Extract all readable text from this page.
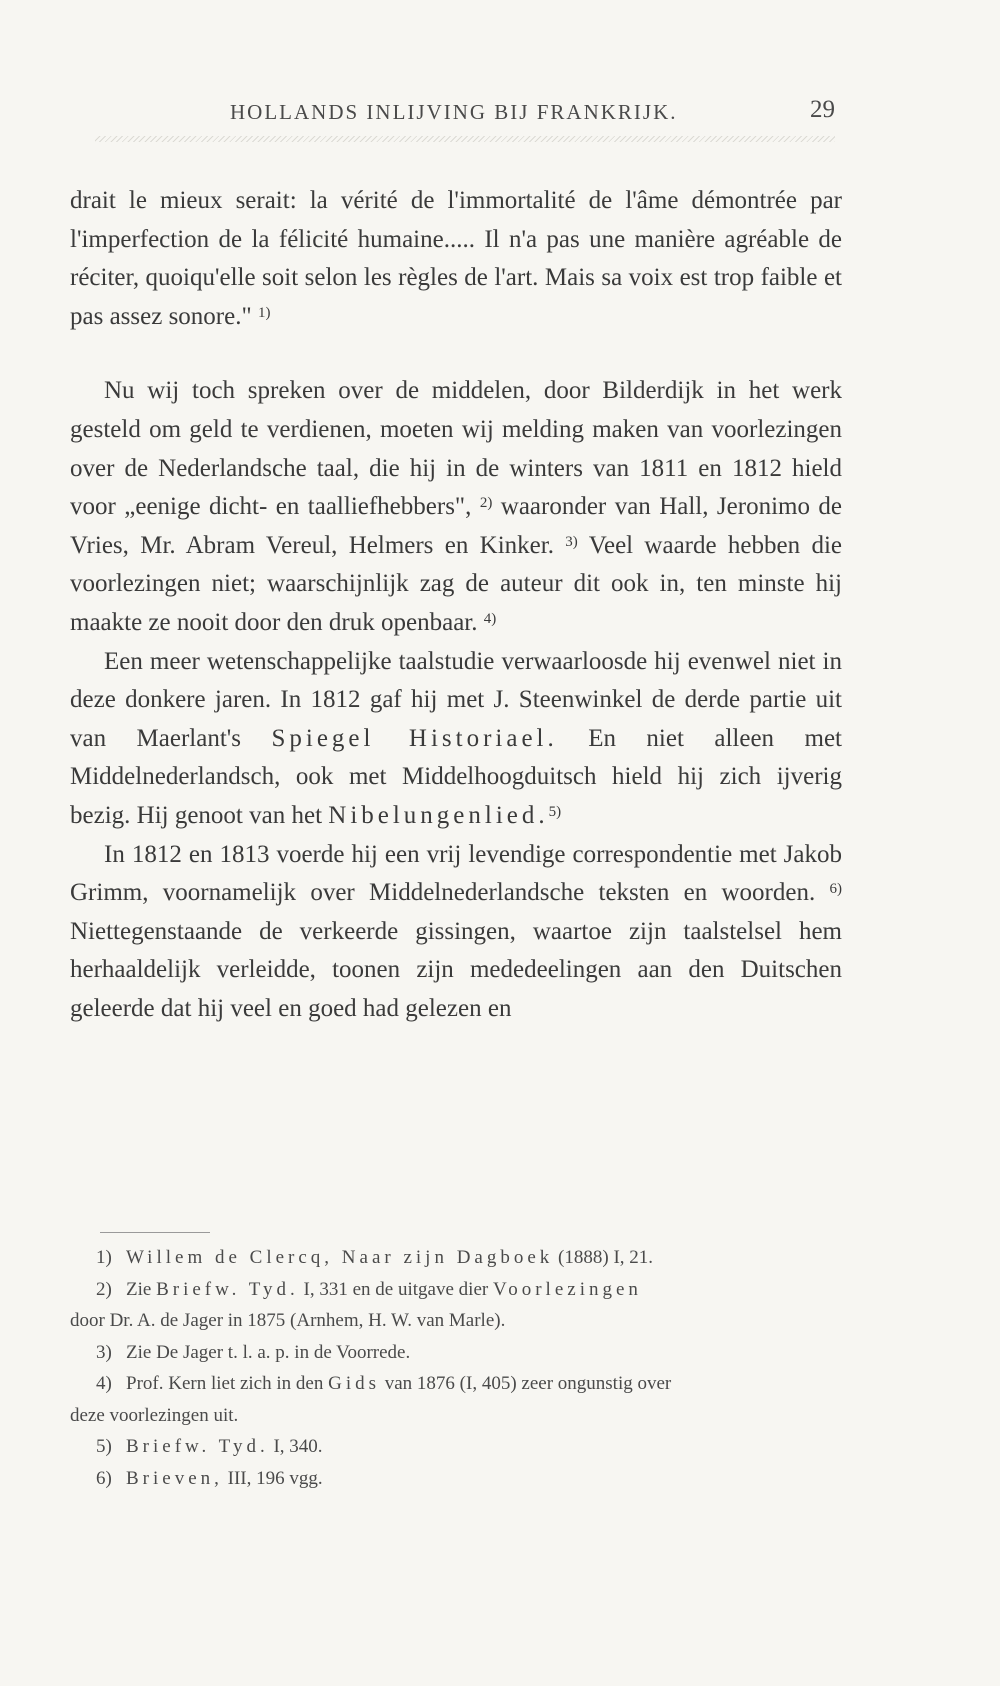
HOLLANDS INLIJVING BIJ FRANKRIJK.	29

drait le mieux serait: la vérité de l'immortalité de l'âme démontrée par l'imperfection de la félicité humaine..... Il n'a pas une manière agréable de réciter, quoiqu'elle soit selon les règles de l'art. Mais sa voix est trop faible et pas assez sonore." $^{1)}$

Nu wij toch spreken over de middelen, door Bilderdijk in het werk gesteld om geld te verdienen, moeten wij melding maken van voorlezingen over de Nederlandsche taal, die hij in de winters van 1811 en 1812 hield voor „eenige dicht- en taalliefhebbers", $^{2)}$ waaronder van Hall, Jeronimo de Vries, Mr. Abram Vereul, Helmers en Kinker. $^{3)}$ Veel waarde hebben die voorlezingen niet; waarschijnlijk zag de auteur dit ook in, ten minste hij maakte ze nooit door den druk openbaar. $^{4)}$

Een meer wetenschappelijke taalstudie verwaarloosde hij evenwel niet in deze donkere jaren. In 1812 gaf hij met J. Steenwinkel de derde partie uit van Maerlant's Spiegel Historiael. En niet alleen met Middelnederlandsch, ook met Middelhoogduitsch hield hij zich ijverig bezig. Hij genoot van het Nibelungenlied.$^{5)}$

In 1812 en 1813 voerde hij een vrij levendige correspondentie met Jakob Grimm, voornamelijk over Middelnederlandsche teksten en woorden. $^{6)}$ Niettegenstaande de verkeerde gissingen, waartoe zijn taalstelsel hem herhaaldelijk verleidde, toonen zijn mededeelingen aan den Duitschen geleerde dat hij veel en goed had gelezen en

1) Willem de Clercq, Naar zijn Dagboek (1888) I, 21.

2) Zie Briefw. Tyd. I, 331 en de uitgave dier Voorlezingen

door Dr. A. de Jager in 1875 (Arnhem, H. W. van Marle).

3) Zie De Jager t. l. a. p. in de Voorrede.

4) Prof. Kern liet zich in den Gids van 1876 (I, 405) zeer ongunstig over

deze voorlezingen uit.

5) Briefw. Tyd. I, 340.

6) Brieven, III, 196 vgg.
